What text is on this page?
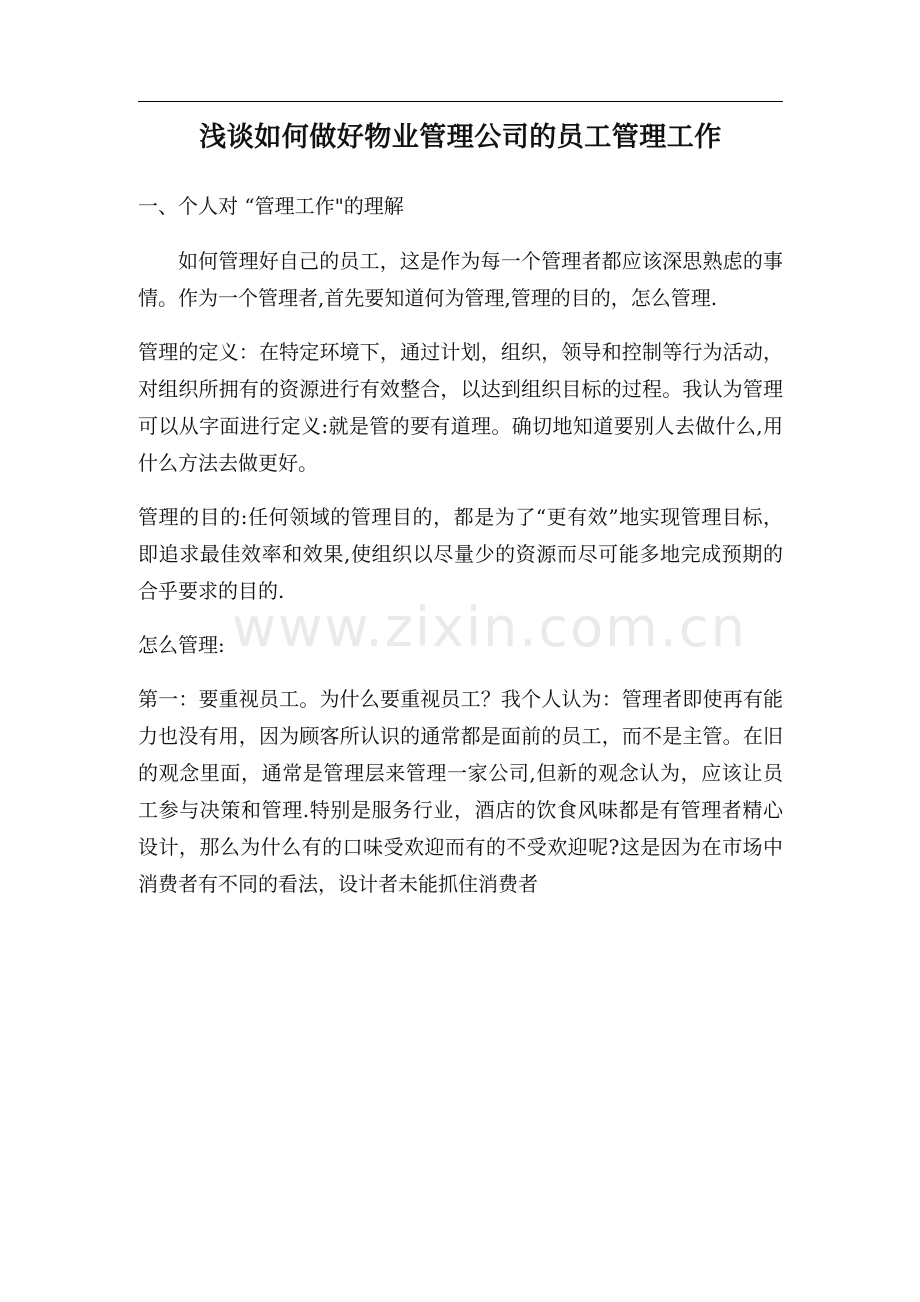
浅谈如何做好物业管理公司的员工管理工作

一、个人对 “管理工作"的理解

如何管理好自己的员工，这是作为每一个管理者都应该深思熟虑的事情。作为一个管理者,首先要知道何为管理,管理的目的，怎么管理.

管理的定义：在特定环境下，通过计划，组织，领导和控制等行为活动，对组织所拥有的资源进行有效整合，以达到组织目标的过程。我认为管理可以从字面进行定义:就是管的要有道理。确切地知道要别人去做什么,用什么方法去做更好。

管理的目的:任何领域的管理目的，都是为了“更有效”地实现管理目标，即追求最佳效率和效果,使组织以尽量少的资源而尽可能多地完成预期的合乎要求的目的.

怎么管理:

第一：要重视员工。为什么要重视员工？我个人认为：管理者即使再有能力也没有用，因为顾客所认识的通常都是面前的员工，而不是主管。在旧的观念里面，通常是管理层来管理一家公司,但新的观念认为，应该让员工参与决策和管理.特别是服务行业，酒店的饮食风味都是有管理者精心设计，那么为什么有的口味受欢迎而有的不受欢迎呢?这是因为在市场中消费者有不同的看法，设计者未能抓住消费者

www.zixin.com.cn
